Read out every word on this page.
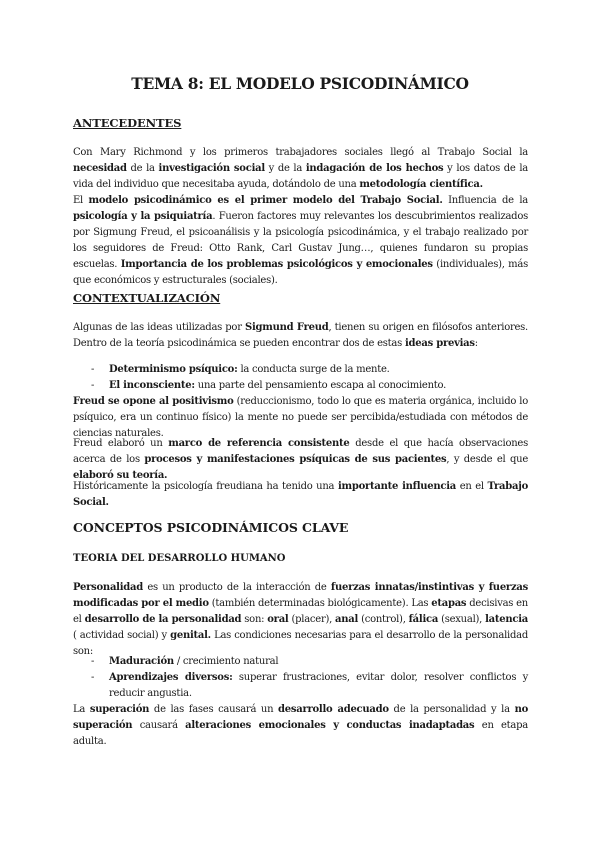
TEMA 8: EL MODELO PSICODINÁMICO
ANTECEDENTES
Con Mary Richmond y los primeros trabajadores sociales llegó al Trabajo Social la necesidad de la investigación social y de la indagación de los hechos y los datos de la vida del individuo que necesitaba ayuda, dotándolo de una metodología científica.
El modelo psicodinámico es el primer modelo del Trabajo Social. Influencia de la psicología y la psiquiatría. Fueron factores muy relevantes los descubrimientos realizados por Sigmung Freud, el psicoanálisis y la psicología psicodinámica, y el trabajo realizado por los seguidores de Freud: Otto Rank, Carl Gustav Jung…, quienes fundaron su propias escuelas. Importancia de los problemas psicológicos y emocionales (individuales), más que económicos y estructurales (sociales).
CONTEXTUALIZACIÓN
Algunas de las ideas utilizadas por Sigmund Freud, tienen su origen en filósofos anteriores. Dentro de la teoría psicodinámica se pueden encontrar dos de estas ideas previas:
- Determinismo psíquico: la conducta surge de la mente.
- El inconsciente: una parte del pensamiento escapa al conocimiento.
Freud se opone al positivismo (reduccionismo, todo lo que es materia orgánica, incluido lo psíquico, era un continuo físico) la mente no puede ser percibida/estudiada con métodos de ciencias naturales.
Freud elaboró un marco de referencia consistente desde el que hacía observaciones acerca de los procesos y manifestaciones psíquicas de sus pacientes, y desde el que elaboró su teoría.
Históricamente la psicología freudiana ha tenido una importante influencia en el Trabajo Social.
CONCEPTOS PSICODINÁMICOS CLAVE
TEORIA DEL DESARROLLO HUMANO
Personalidad es un producto de la interacción de fuerzas innatas/instintivas y fuerzas modificadas por el medio (también determinadas biológicamente). Las etapas decisivas en el desarrollo de la personalidad son: oral (placer), anal (control), fálica (sexual), latencia ( actividad social) y genital. Las condiciones necesarias para el desarrollo de la personalidad son:
- Maduración / crecimiento natural
- Aprendizajes diversos: superar frustraciones, evitar dolor, resolver conflictos y reducir angustia.
La superación de las fases causará un desarrollo adecuado de la personalidad y la no superación causará alteraciones emocionales y conductas inadaptadas en etapa adulta.
